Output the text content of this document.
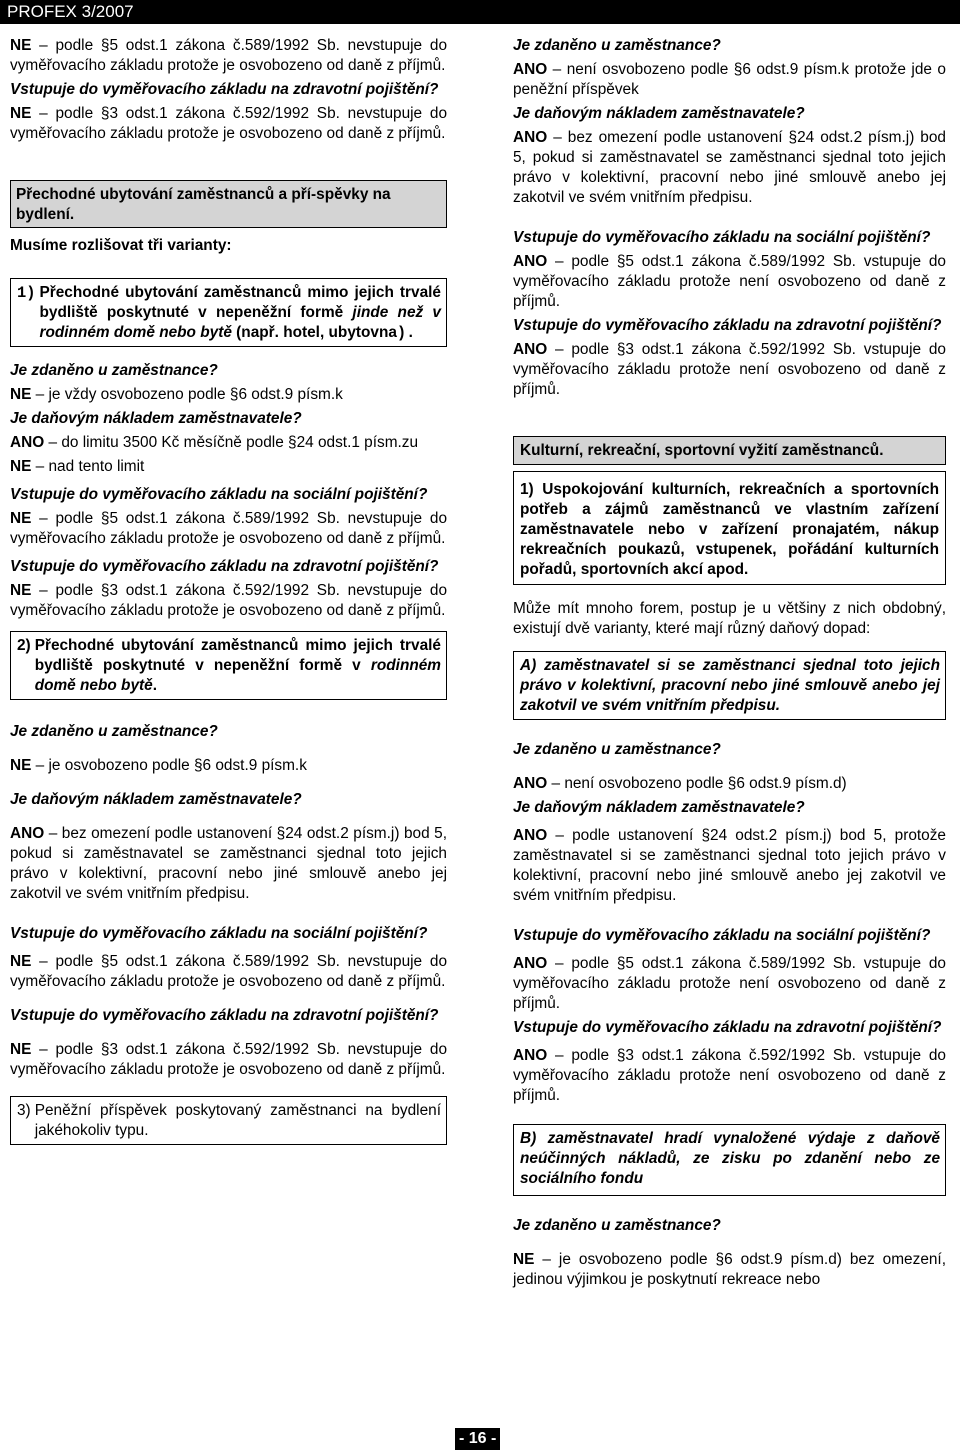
PROFEX 3/2007

NE – podle §5 odst.1 zákona č.589/1992 Sb. nevstupuje do vyměřovacího základu protože je osvobozeno od daně z příjmů.

Vstupuje do vyměřovacího základu na zdravotní pojištění?

NE – podle §3 odst.1 zákona č.592/1992 Sb. nevstupuje do vyměřovacího základu protože je osvobozeno od daně z příjmů.

Přechodné ubytování zaměstnanců a pří-spěvky na bydlení.

Musíme rozlišovat tři varianty:

1) Přechodné ubytování zaměstnanců mimo jejich trvalé bydliště poskytnuté v nepeněžní formě jinde než v rodinném domě nebo bytě (např. hotel, ubytovna).

Je zdaněno u zaměstnance?

NE – je vždy osvobozeno podle §6 odst.9 písm.k

Je daňovým nákladem zaměstnavatele?

ANO – do limitu 3500 Kč měsíčně podle §24 odst.1 písm.zu

NE – nad tento limit

Vstupuje do vyměřovacího základu na sociální pojištění?

NE – podle §5 odst.1 zákona č.589/1992 Sb. nevstupuje do vyměřovacího základu protože je osvobozeno od daně z příjmů.

Vstupuje do vyměřovacího základu na zdravotní pojištění?

NE – podle §3 odst.1 zákona č.592/1992 Sb. nevstupuje do vyměřovacího základu protože je osvobozeno od daně z příjmů.

2) Přechodné ubytování zaměstnanců mimo jejich trvalé bydliště poskytnuté v nepeněžní formě v rodinném domě nebo bytě.

Je zdaněno u zaměstnance?

NE – je osvobozeno podle §6 odst.9 písm.k

Je daňovým nákladem zaměstnavatele?

ANO – bez omezení podle ustanovení §24 odst.2 písm.j) bod 5, pokud si zaměstnavatel se zaměstnanci sjednal toto jejich právo v kolektivní, pracovní nebo jiné smlouvě anebo jej zakotvil ve svém vnitřním předpisu.

Vstupuje do vyměřovacího základu na sociální pojištění?

NE – podle §5 odst.1 zákona č.589/1992 Sb. nevstupuje do vyměřovacího základu protože je osvobozeno od daně z příjmů.

Vstupuje do vyměřovacího základu na zdravotní pojištění?

NE – podle §3 odst.1 zákona č.592/1992 Sb. nevstupuje do vyměřovacího základu protože je osvobozeno od daně z příjmů.

3) Peněžní příspěvek poskytovaný zaměstnanci na bydlení jakéhokoliv typu.
- 16 -

Je zdaněno u zaměstnance?

ANO – není osvobozeno podle §6 odst.9 písm.k protože jde o peněžní příspěvek

Je daňovým nákladem zaměstnavatele?

ANO – bez omezení podle ustanovení §24 odst.2 písm.j) bod 5, pokud si zaměstnavatel se zaměstnanci sjednal toto jejich právo v kolektivní, pracovní nebo jiné smlouvě anebo jej zakotvil ve svém vnitřním předpisu.

Vstupuje do vyměřovacího základu na sociální pojištění?

ANO – podle §5 odst.1 zákona č.589/1992 Sb. vstupuje do vyměřovacího základu protože není osvobozeno od daně z příjmů.

Vstupuje do vyměřovacího základu na zdravotní pojištění?

ANO – podle §3 odst.1 zákona č.592/1992 Sb. vstupuje do vyměřovacího základu protože není osvobozeno od daně z příjmů.

Kulturní, rekreační, sportovní vyžití zaměstnanců.
1) Uspokojování kulturních, rekreačních a sportovních potřeb a zájmů zaměstnanců ve vlastním zařízení zaměstnavatele nebo v zařízení pronajatém, nákup rekreačních poukazů, vstupenek, pořádání kulturních pořadů, sportovních akcí apod.

Může mít mnoho forem, postup je u většiny z nich obdobný, existují dvě varianty, které mají různý daňový dopad:

A) zaměstnavatel si se zaměstnanci sjednal toto jejich právo v kolektivní, pracovní nebo jiné smlouvě anebo jej zakotvil ve svém vnitřním předpisu.

Je zdaněno u zaměstnance?

ANO – není osvobozeno podle §6 odst.9 písm.d)

Je daňovým nákladem zaměstnavatele?

ANO – podle ustanovení §24 odst.2 písm.j) bod 5, protože zaměstnavatel si se zaměstnanci sjednal toto jejich právo v kolektivní, pracovní nebo jiné smlouvě anebo jej zakotvil ve svém vnitřním předpisu.

Vstupuje do vyměřovacího základu na sociální pojištění?

ANO – podle §5 odst.1 zákona č.589/1992 Sb. vstupuje do vyměřovacího základu protože není osvobozeno od daně z příjmů.

Vstupuje do vyměřovacího základu na zdravotní pojištění?

ANO – podle §3 odst.1 zákona č.592/1992 Sb. vstupuje do vyměřovacího základu protože není osvobozeno od daně z příjmů.

B) zaměstnavatel hradí vynaložené výdaje z daňově neúčinných nákladů, ze zisku po zdanění nebo ze sociálního fondu

Je zdaněno u zaměstnance?

NE – je osvobozeno podle §6 odst.9 písm.d) bez omezení, jedinou výjimkou je poskytnutí rekreace nebo
